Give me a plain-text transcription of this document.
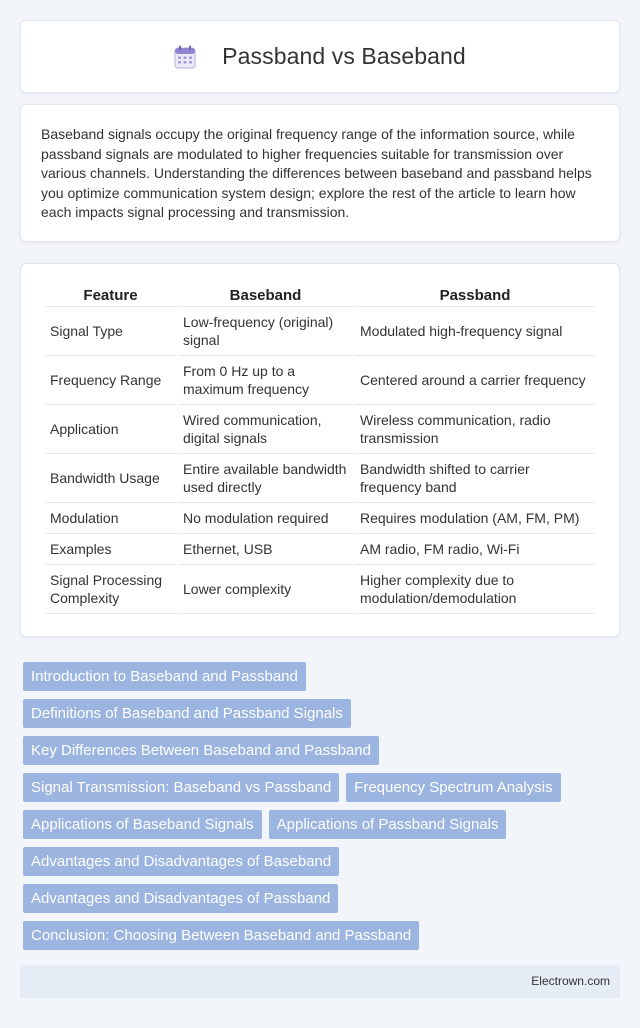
Passband vs Baseband

Baseband signals occupy the original frequency range of the information source, while passband signals are modulated to higher frequencies suitable for transmission over various channels. Understanding the differences between baseband and passband helps you optimize communication system design; explore the rest of the article to learn how each impacts signal processing and transmission.

Feature	Baseband	Passband
Signal Type	Low-frequency (original) signal	Modulated high-frequency signal
Frequency Range	From 0 Hz up to a maximum frequency	Centered around a carrier frequency
Application	Wired communication, digital signals	Wireless communication, radio transmission
Bandwidth Usage	Entire available bandwidth used directly	Bandwidth shifted to carrier frequency band
Modulation	No modulation required	Requires modulation (AM, FM, PM)
Examples	Ethernet, USB	AM radio, FM radio, Wi-Fi
Signal Processing Complexity	Lower complexity	Higher complexity due to modulation/demodulation
Introduction to Baseband and Passband
Definitions of Baseband and Passband Signals
Key Differences Between Baseband and Passband
Signal Transmission: Baseband vs Passband	Frequency Spectrum Analysis
Applications of Baseband Signals	Applications of Passband Signals
Advantages and Disadvantages of Baseband
Advantages and Disadvantages of Passband
Conclusion: Choosing Between Baseband and Passband
Electrown.com
